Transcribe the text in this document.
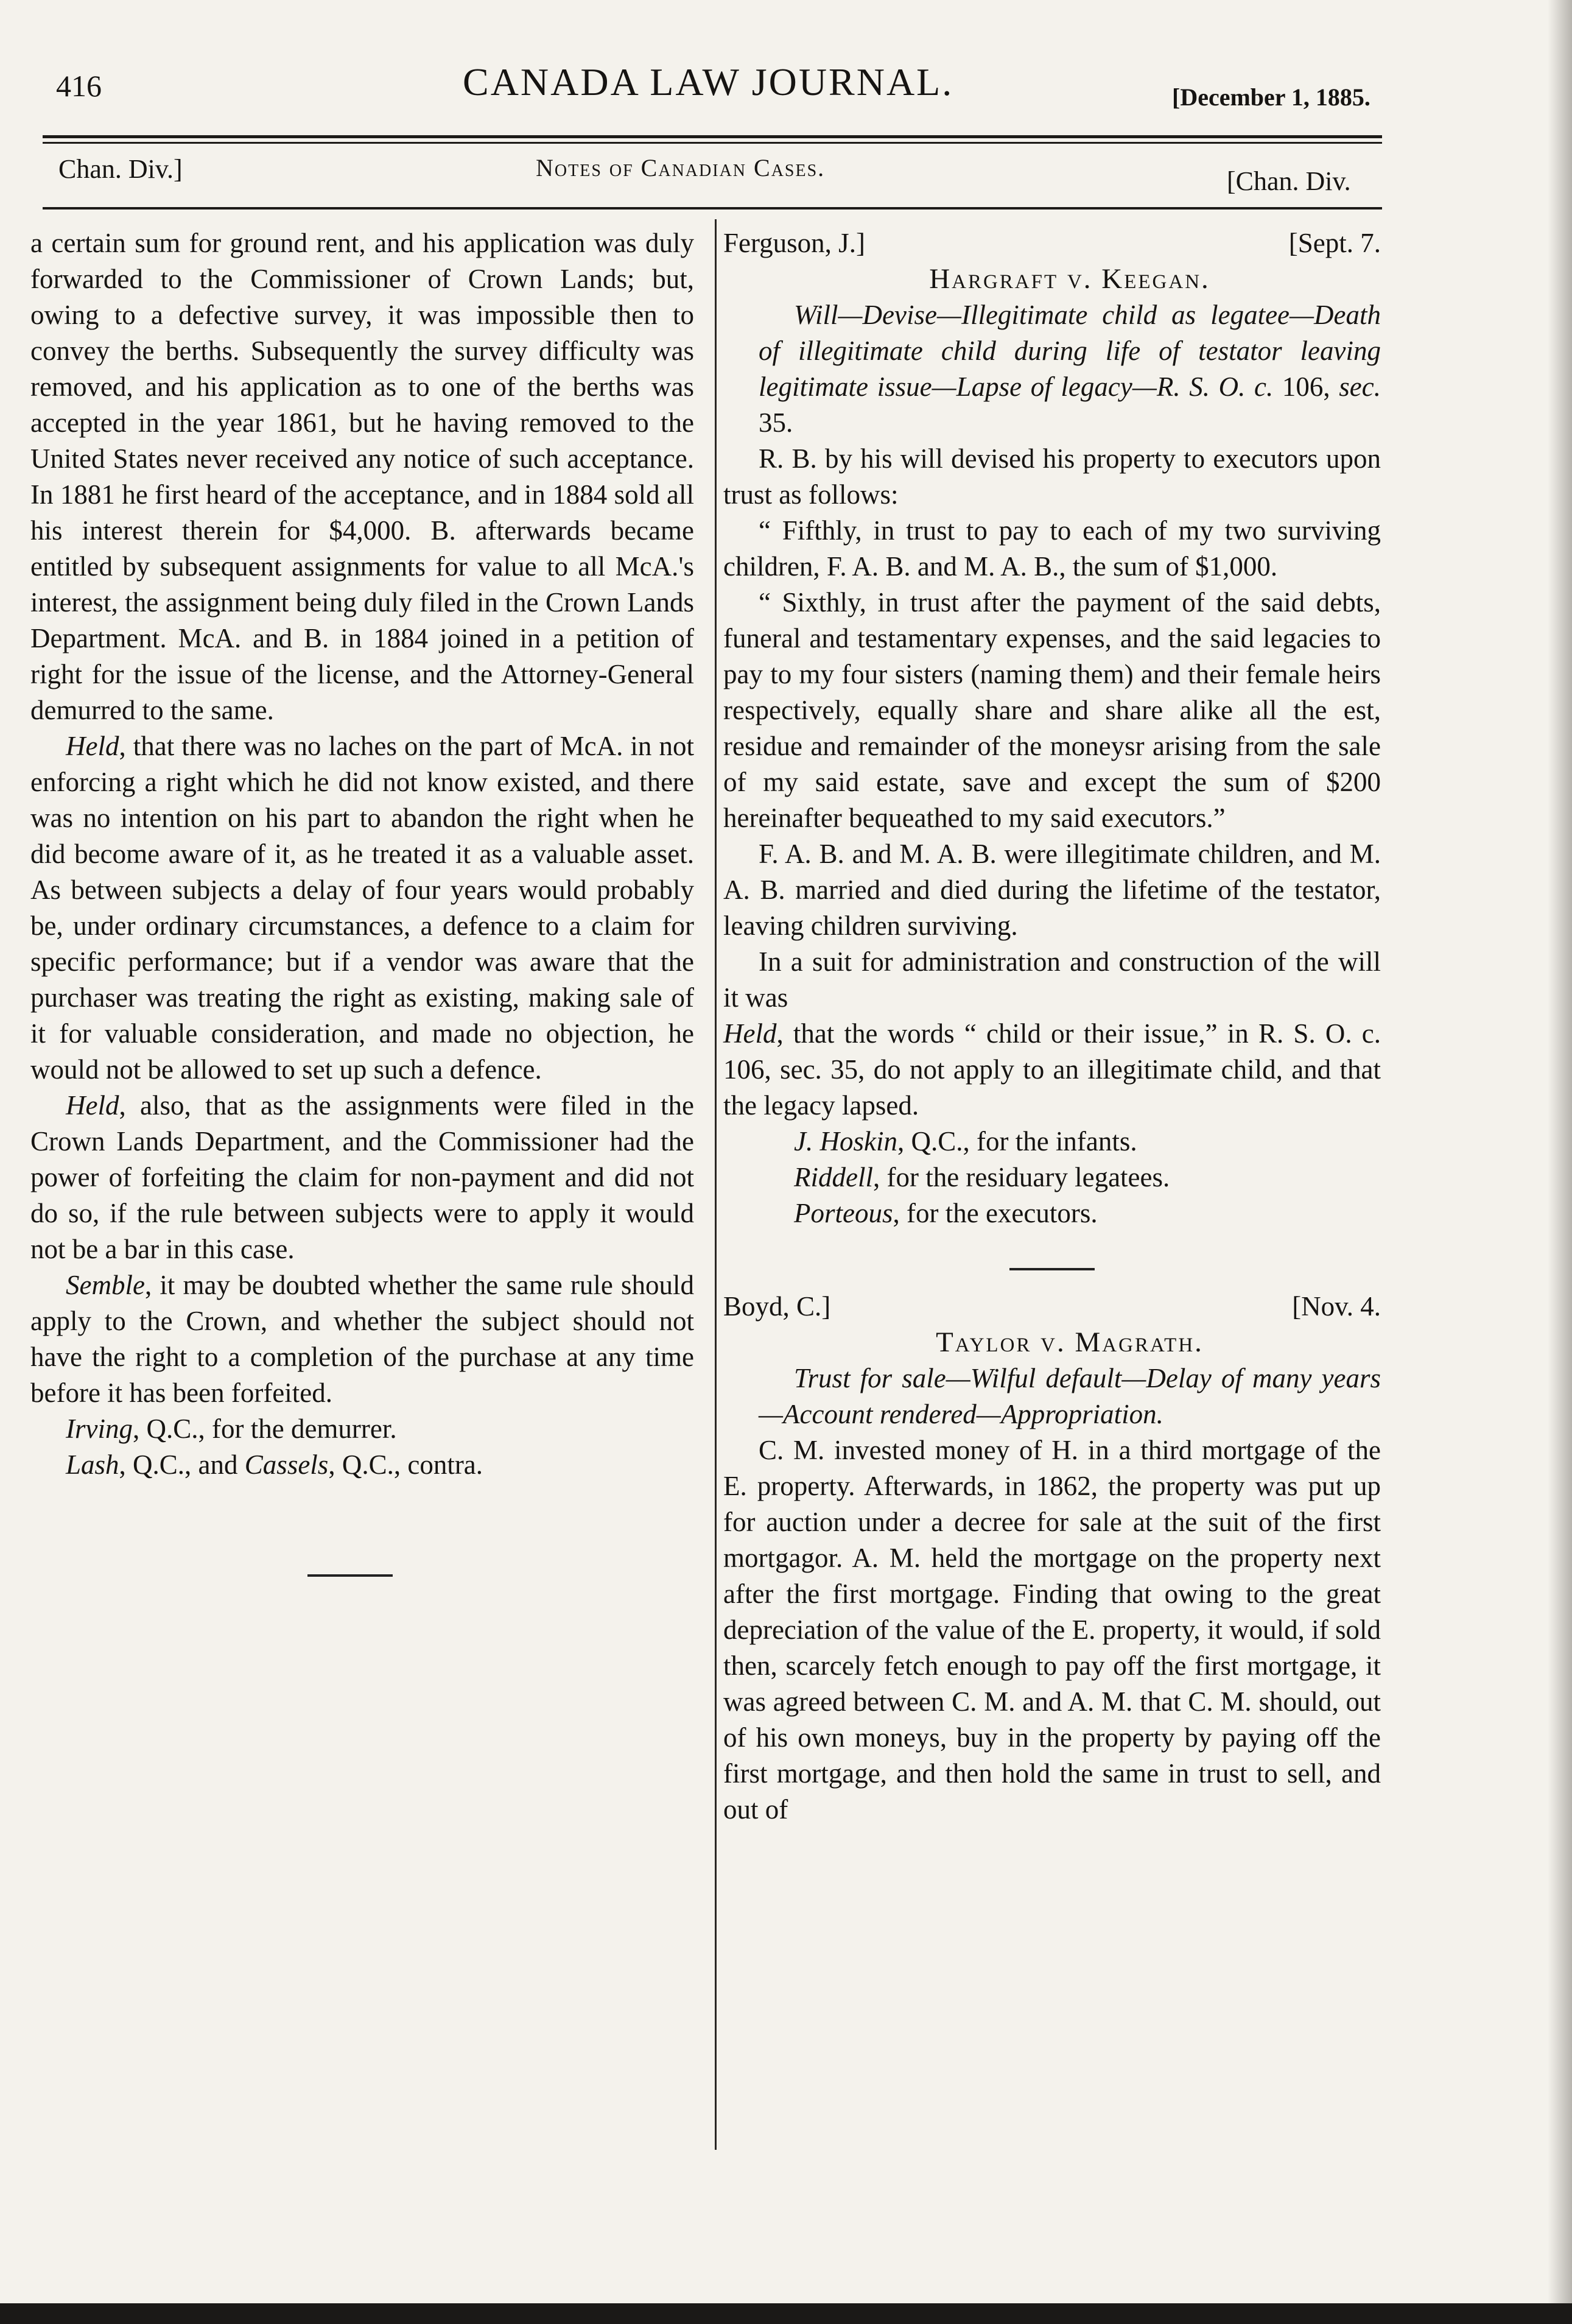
416	CANADA LAW JOURNAL.	[December 1, 1885.
Chan. Div.]	Notes of Canadian Cases.	[Chan. Div.

a certain sum for ground rent, and his application was duly forwarded to the Commissioner of Crown Lands; but, owing to a defective survey, it was impossible then to convey the berths. Subsequently the survey difficulty was removed, and his application as to one of the berths was accepted in the year 1861, but he having removed to the United States never received any notice of such acceptance. In 1881 he first heard of the acceptance, and in 1884 sold all his interest therein for $4,000. B. afterwards became entitled by subsequent assignments for value to all McA.'s interest, the assignment being duly filed in the Crown Lands Department. McA. and B. in 1884 joined in a petition of right for the issue of the license, and the Attorney-General demurred to the same.

Held, that there was no laches on the part of McA. in not enforcing a right which he did not know existed, and there was no intention on his part to abandon the right when he did become aware of it, as he treated it as a valuable asset. As between subjects a delay of four years would probably be, under ordinary circumstances, a defence to a claim for specific performance; but if a vendor was aware that the purchaser was treating the right as existing, making sale of it for valuable consideration, and made no objection, he would not be allowed to set up such a defence.

Held, also, that as the assignments were filed in the Crown Lands Department, and the Commissioner had the power of forfeiting the claim for non-payment and did not do so, if the rule between subjects were to apply it would not be a bar in this case.

Semble, it may be doubted whether the same rule should apply to the Crown, and whether the subject should not have the right to a completion of the purchase at any time before it has been forfeited.

Irving, Q.C., for the demurrer.

Lash, Q.C., and Cassels, Q.C., contra.

Ferguson, J.]	[Sept. 7.

Hargraft v. Keegan.

Will—Devise—Illegitimate child as legatee—Death of illegitimate child during life of testator leaving legitimate issue—Lapse of legacy—R. S. O. c. 106, sec. 35.

R. B. by his will devised his property to executors upon trust as follows:

“ Fifthly, in trust to pay to each of my two surviving children, F. A. B. and M. A. B., the sum of $1,000.

“ Sixthly, in trust after the payment of the said debts, funeral and testamentary expenses, and the said legacies to pay to my four sisters (naming them) and their female heirs respectively, equally share and share alike all the est, residue and remainder of the moneysr arising from the sale of my said estate, save and except the sum of $200 hereinafter bequeathed to my said executors.”

F. A. B. and M. A. B. were illegitimate children, and M. A. B. married and died during the lifetime of the testator, leaving children surviving.

In a suit for administration and construction of the will it was

Held, that the words “ child or their issue,” in R. S. O. c. 106, sec. 35, do not apply to an illegitimate child, and that the legacy lapsed.

J. Hoskin, Q.C., for the infants.

Riddell, for the residuary legatees.

Porteous, for the executors.

Boyd, C.]	[Nov. 4.

Taylor v. Magrath.

Trust for sale—Wilful default—Delay of many years—Account rendered—Appropriation.

C. M. invested money of H. in a third mortgage of the E. property. Afterwards, in 1862, the property was put up for auction under a decree for sale at the suit of the first mortgagor. A. M. held the mortgage on the property next after the first mortgage. Finding that owing to the great depreciation of the value of the E. property, it would, if sold then, scarcely fetch enough to pay off the first mortgage, it was agreed between C. M. and A. M. that C. M. should, out of his own moneys, buy in the property by paying off the first mortgage, and then hold the same in trust to sell, and out of
